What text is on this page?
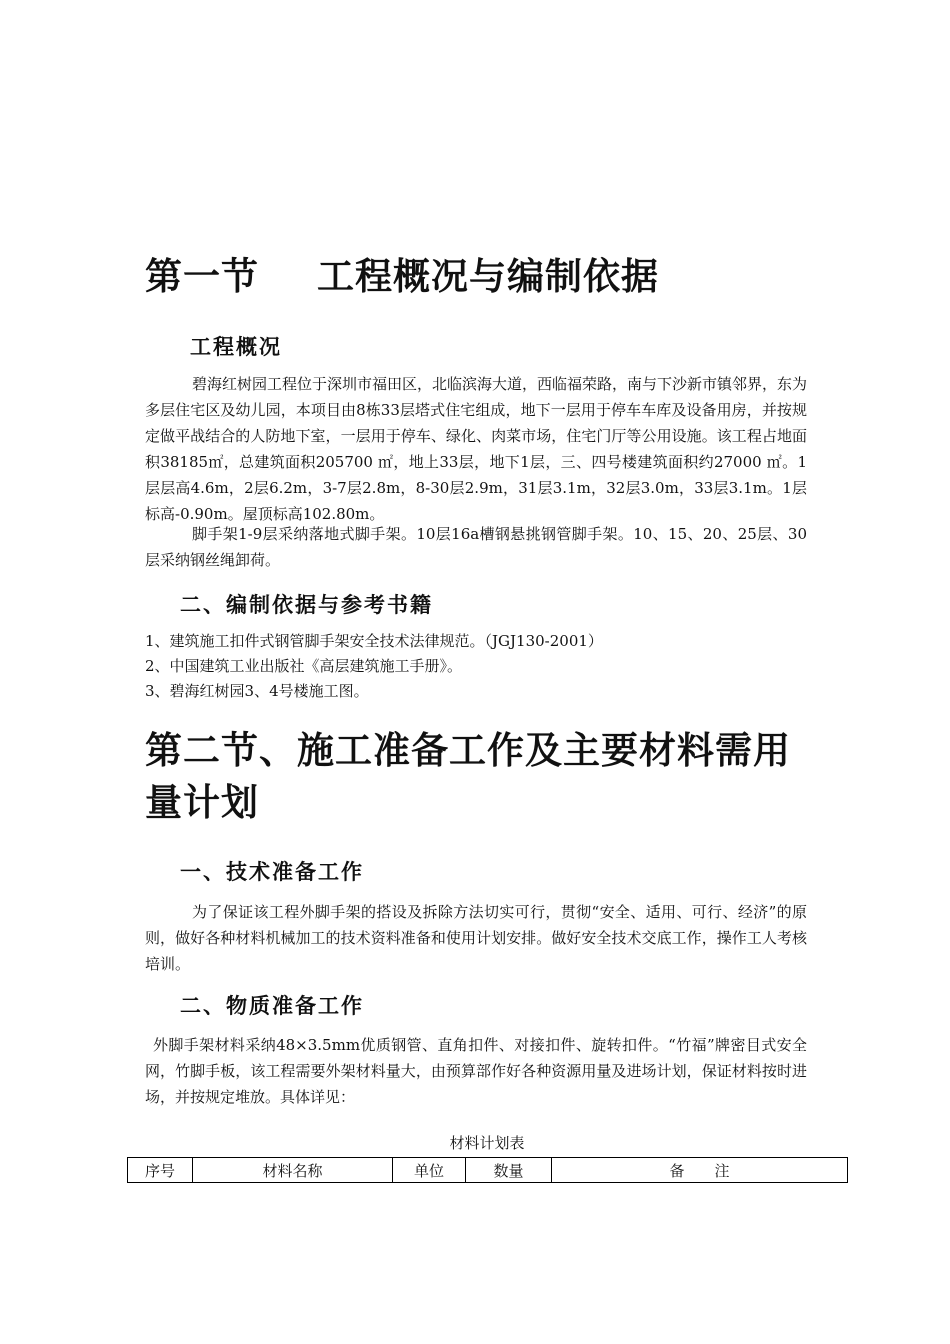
第一节 工程概况与编制依据
工程概况

碧海红树园工程位于深圳市福田区，北临滨海大道，西临福荣路，南与下沙新市镇邻界，东为多层住宅区及幼儿园，本项目由8栋33层塔式住宅组成，地下一层用于停车车库及设备用房，并按规定做平战结合的人防地下室，一层用于停车、绿化、肉菜市场，住宅门厅等公用设施。该工程占地面积38185㎡，总建筑面积205700 ㎡，地上33层，地下1层，三、四号楼建筑面积约27000 ㎡。1层层高4.6m，2层6.2m，3-7层2.8m，8-30层2.9m，31层3.1m，32层3.0m，33层3.1m。1层标高-0.90m。屋顶标高102.80m。

脚手架1-9层采纳落地式脚手架。10层16a槽钢悬挑钢管脚手架。10、15、20、25层、30层采纳钢丝绳卸荷。

二、编制依据与参考书籍

1、建筑施工扣件式钢管脚手架安全技术法律规范。（JGJ130-2001）

2、中国建筑工业出版社《高层建筑施工手册》。

3、碧海红树园3、4号楼施工图。

第二节、施工准备工作及主要材料需用
量计划
一、技术准备工作

为了保证该工程外脚手架的搭设及拆除方法切实可行，贯彻“安全、适用、可行、经济”的原则，做好各种材料机械加工的技术资料准备和使用计划安排。做好安全技术交底工作，操作工人考核培训。

二、物质准备工作

外脚手架材料采纳48×3.5mm优质钢管、直角扣件、对接扣件、旋转扣件。“竹福”牌密目式安全网，竹脚手板，该工程需要外架材料量大，由预算部作好各种资源用量及进场计划，保证材料按时进场，并按规定堆放。具体详见：

材料计划表
序号	材料名称	单位	数量	备　　注
